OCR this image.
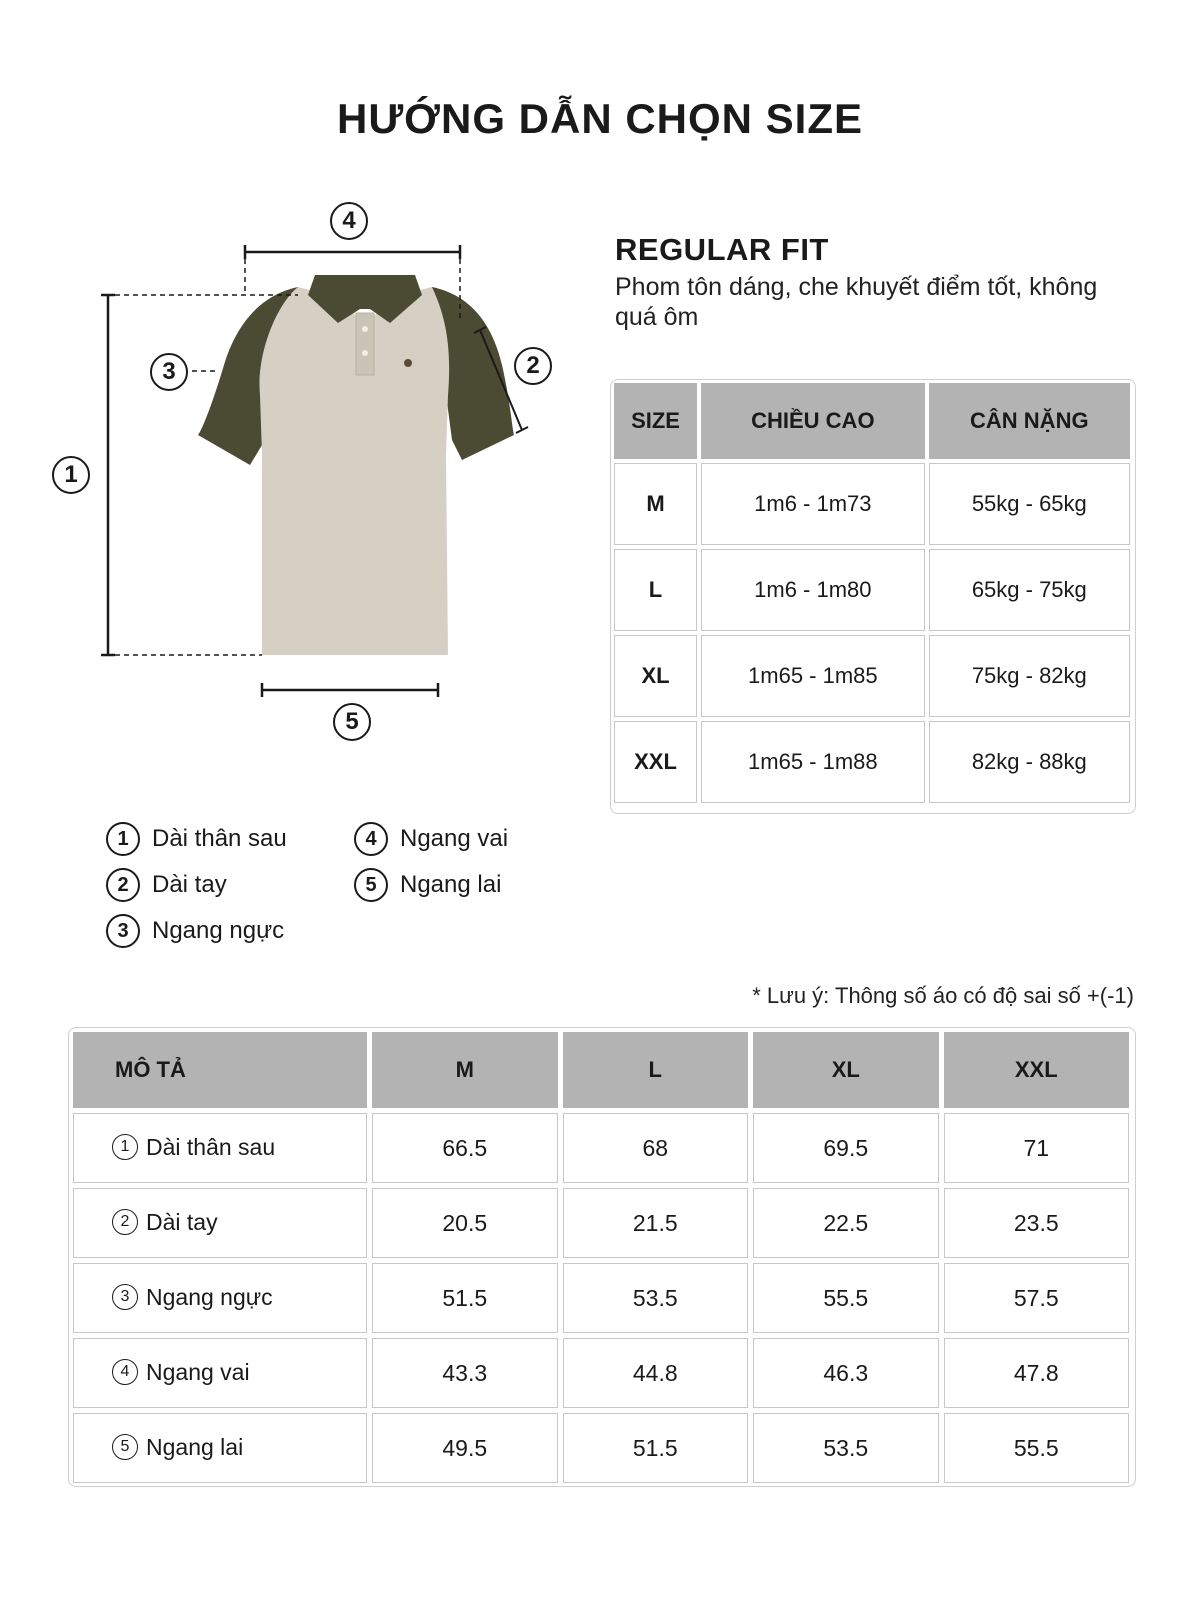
HƯỚNG DẪN CHỌN SIZE
4
1
2
3
5
REGULAR FIT
Phom tôn dáng, che khuyết điểm tốt, không quá ôm
SIZE	CHIỀU CAO	CÂN NẶNG
M	1m6 - 1m73	55kg - 65kg
L	1m6 - 1m80	65kg - 75kg
XL	1m65 - 1m85	75kg - 82kg
XXL	1m65 - 1m88	82kg - 88kg
1 Dài thân sau
2 Dài tay
3 Ngang ngực
4 Ngang vai
5 Ngang lai
* Lưu ý: Thông số áo có độ sai số +(-1)
MÔ TẢ	M	L	XL	XXL
1 Dài thân sau	66.5	68	69.5	71
2 Dài tay	20.5	21.5	22.5	23.5
3 Ngang ngực	51.5	53.5	55.5	57.5
4 Ngang vai	43.3	44.8	46.3	47.8
5 Ngang lai	49.5	51.5	53.5	55.5
